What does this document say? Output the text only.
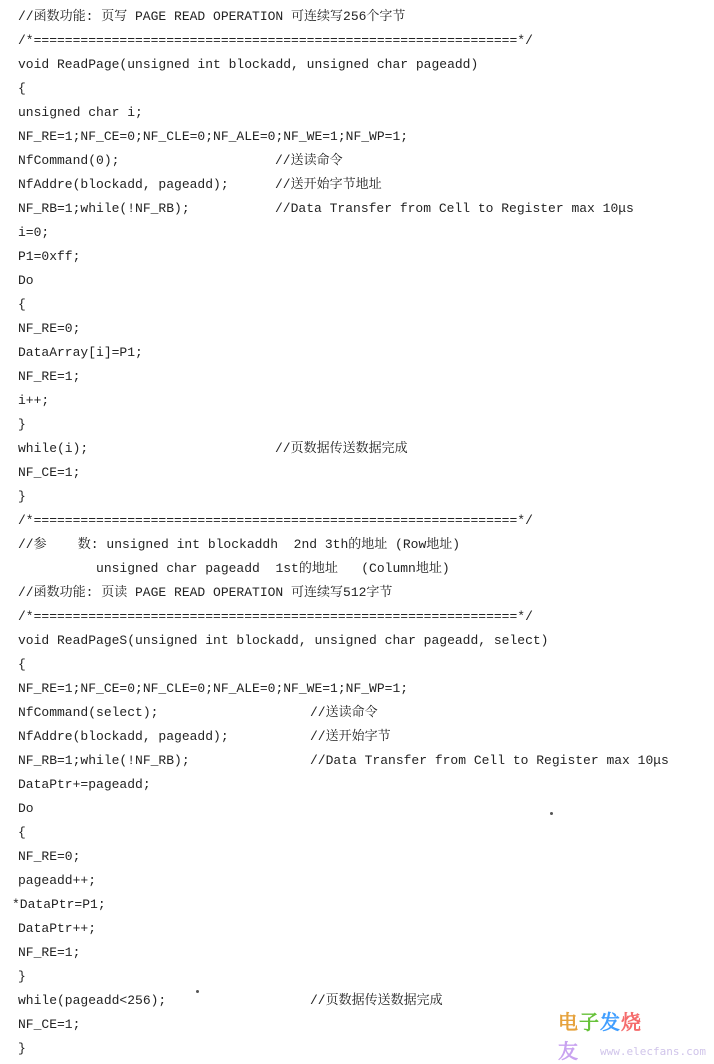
//函数功能: 页写 PAGE READ OPERATION 可连续写256个字节
/*==============================================================*/
void ReadPage(unsigned int blockadd, unsigned char pageadd)
{
unsigned char i;
NF_RE=1;NF_CE=0;NF_CLE=0;NF_ALE=0;NF_WE=1;NF_WP=1;
NfCommand(0);	//送读命令
NfAddre(blockadd, pageadd);	//送开始字节地址
NF_RB=1;while(!NF_RB);	//Data Transfer from Cell to Register max 10μs
i=0;
P1=0xff;
Do
{
NF_RE=0;
DataArray[i]=P1;
NF_RE=1;
i++;
}
while(i);	//页数据传送数据完成
NF_CE=1;
}
/*==============================================================*/
//参    数: unsigned int blockaddh  2nd 3th的地址 (Row地址)
unsigned char pageadd  1st的地址   (Column地址)
//函数功能: 页读 PAGE READ OPERATION 可连续写512字节
/*==============================================================*/
void ReadPageS(unsigned int blockadd, unsigned char pageadd, select)
{
NF_RE=1;NF_CE=0;NF_CLE=0;NF_ALE=0;NF_WE=1;NF_WP=1;
NfCommand(select);	//送读命令
NfAddre(blockadd, pageadd);	//送开始字节
NF_RB=1;while(!NF_RB);	//Data Transfer from Cell to Register max 10μs
DataPtr+=pageadd;
Do
{
NF_RE=0;
pageadd++;
*DataPtr=P1;
DataPtr++;
NF_RE=1;
}
while(pageadd<256);	//页数据传送数据完成
NF_CE=1;
}
电子发烧友	www.elecfans.com
